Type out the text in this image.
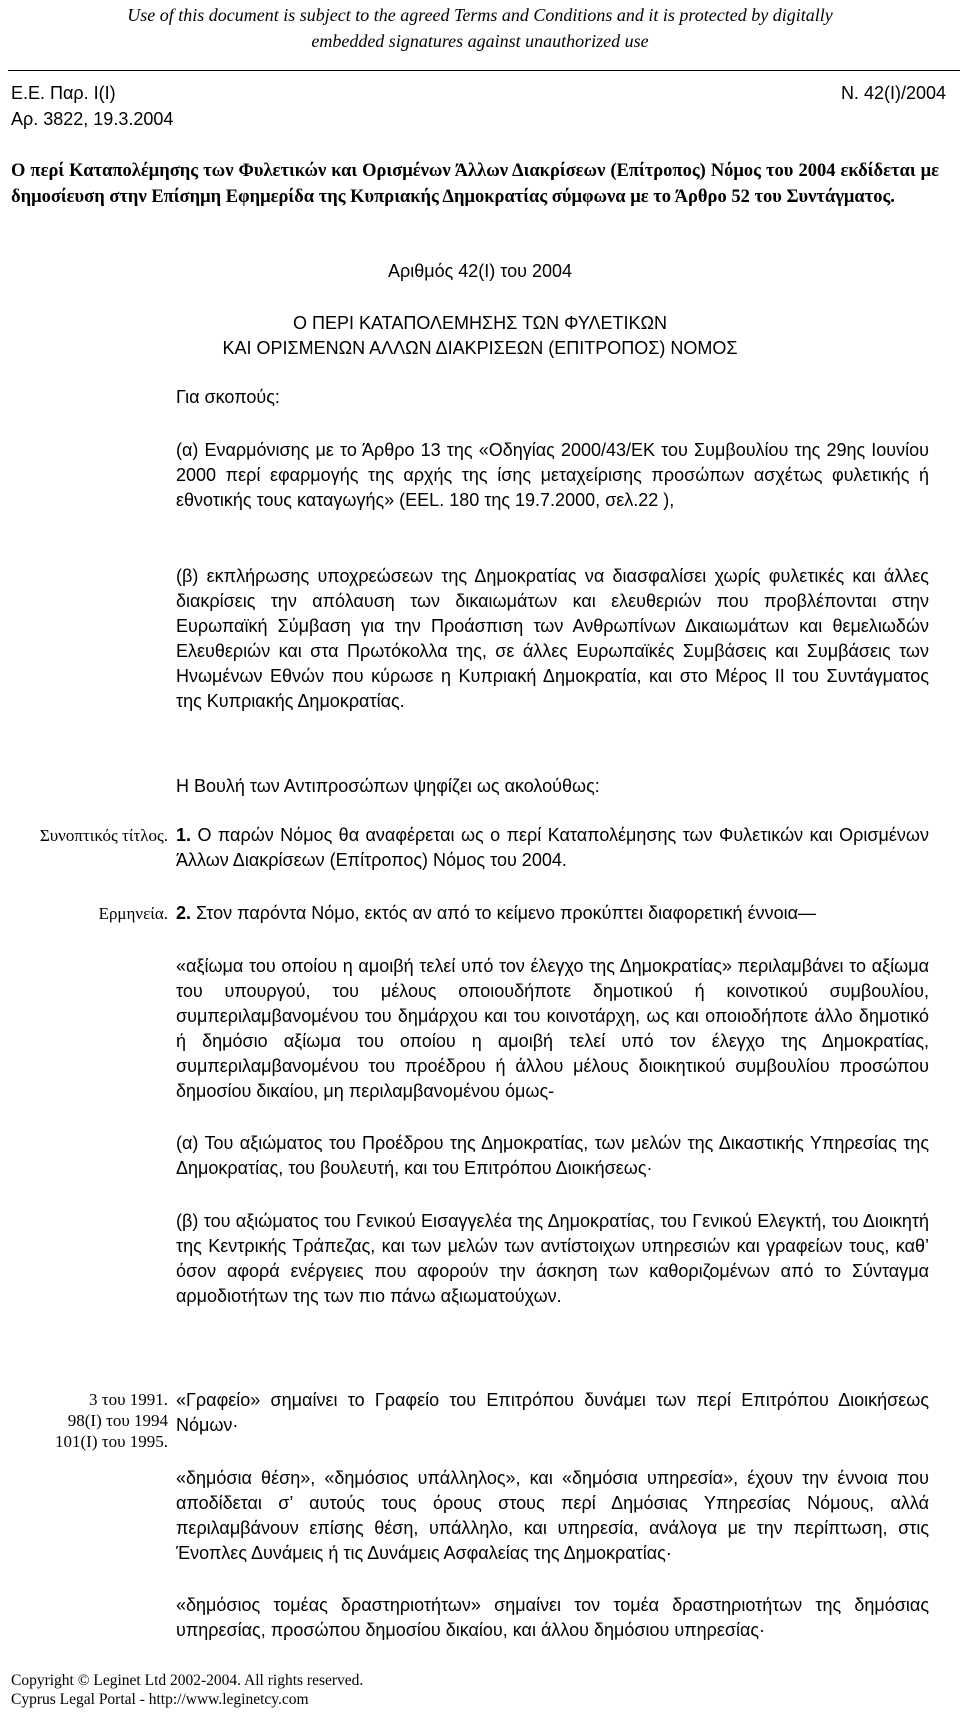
Use of this document is subject to the agreed Terms and Conditions and it is protected by digitally
embedded signatures against unauthorized use
Ε.Ε. Παρ. Ι(Ι)
Αρ. 3822, 19.3.2004
Ν. 42(Ι)/2004
Ο περί Καταπολέμησης των Φυλετικών και Ορισμένων Άλλων Διακρίσεων (Επίτροπος) Νόμος του 2004 εκδίδεται με δημοσίευση στην Επίσημη Εφημερίδα της Κυπριακής Δημοκρατίας σύμφωνα με το Άρθρο 52 του Συντάγματος.
Αριθμός 42(Ι) του 2004
Ο ΠΕΡΙ ΚΑΤΑΠΟΛΕΜΗΣΗΣ ΤΩΝ ΦΥΛΕΤΙΚΩΝ
ΚΑΙ ΟΡΙΣΜΕΝΩΝ ΑΛΛΩΝ ΔΙΑΚΡΙΣΕΩΝ (ΕΠΙΤΡΟΠΟΣ) ΝΟΜΟΣ
Για σκοπούς:
(α) Εναρμόνισης με το Άρθρο 13 της «Οδηγίας 2000/43/ΕΚ του Συμβουλίου της 29ης Ιουνίου 2000 περί εφαρμογής της αρχής της ίσης μεταχείρισης προσώπων ασχέτως φυλετικής ή εθνοτικής τους καταγωγής» (ΕΕL. 180 της 19.7.2000, σελ.22 ),
(β) εκπλήρωσης υποχρεώσεων της Δημοκρατίας να διασφαλίσει χωρίς φυλετικές και άλλες διακρίσεις την απόλαυση των δικαιωμάτων και ελευθεριών που προβλέπονται στην Ευρωπαϊκή Σύμβαση για την Προάσπιση των Ανθρωπίνων Δικαιωμάτων και θεμελιωδών Ελευθεριών και στα Πρωτόκολλα της, σε άλλες Ευρωπαϊκές Συμβάσεις και Συμβάσεις των Ηνωμένων Εθνών που κύρωσε η Κυπριακή Δημοκρατία, και στο Μέρος ΙΙ του Συντάγματος της Κυπριακής Δημοκρατίας.
Η Βουλή των Αντιπροσώπων ψηφίζει ως ακολούθως:
Συνοπτικός τίτλος. 1. Ο παρών Νόμος θα αναφέρεται ως ο περί Καταπολέμησης των Φυλετικών και Ορισμένων Άλλων Διακρίσεων (Επίτροπος) Νόμος του 2004.
Ερμηνεία. 2. Στον παρόντα Νόμο, εκτός αν από το κείμενο προκύπτει διαφορετική έννοια—
«αξίωμα του οποίου η αμοιβή τελεί υπό τον έλεγχο της Δημοκρατίας» περιλαμβάνει το αξίωμα του υπουργού, του μέλους οποιουδήποτε δημοτικού ή κοινοτικού συμβουλίου, συμπεριλαμβανομένου του δημάρχου και του κοινοτάρχη, ως και οποιοδήποτε άλλο δημοτικό ή δημόσιο αξίωμα του οποίου η αμοιβή τελεί υπό τον έλεγχο της Δημοκρατίας, συμπεριλαμβανομένου του προέδρου ή άλλου μέλους διοικητικού συμβουλίου προσώπου δημοσίου δικαίου, μη περιλαμβανομένου όμως-
(α) Του αξιώματος του Προέδρου της Δημοκρατίας, των μελών της Δικαστικής Υπηρεσίας της Δημοκρατίας, του βουλευτή, και του Επιτρόπου Διοικήσεως·
(β) του αξιώματος του Γενικού Εισαγγελέα της Δημοκρατίας, του Γενικού Ελεγκτή, του Διοικητή της Κεντρικής Τράπεζας, και των μελών των αντίστοιχων υπηρεσιών και γραφείων τους, καθ’ όσον αφορά ενέργειες που αφορούν την άσκηση των καθοριζομένων από το Σύνταγμα αρμοδιοτήτων της των πιο πάνω αξιωματούχων.
3 του 1991.
98(Ι) του 1994
101(Ι) του 1995.
«Γραφείο» σημαίνει το Γραφείο του Επιτρόπου δυνάμει των περί Επιτρόπου Διοικήσεως Νόμων·
«δημόσια θέση», «δημόσιος υπάλληλος», και «δημόσια υπηρεσία», έχουν την έννοια που αποδίδεται σ’ αυτούς τους όρους στους περί Δημόσιας Υπηρεσίας Νόμους, αλλά περιλαμβάνουν επίσης θέση, υπάλληλο, και υπηρεσία, ανάλογα με την περίπτωση, στις Ένοπλες Δυνάμεις ή τις Δυνάμεις Ασφαλείας της Δημοκρατίας·
«δημόσιος τομέας δραστηριοτήτων» σημαίνει τον τομέα δραστηριοτήτων της δημόσιας υπηρεσίας, προσώπου δημοσίου δικαίου, και άλλου δημόσιου υπηρεσίας·
Copyright © Leginet Ltd 2002-2004. All rights reserved.
Cyprus Legal Portal - http://www.leginetcy.com
